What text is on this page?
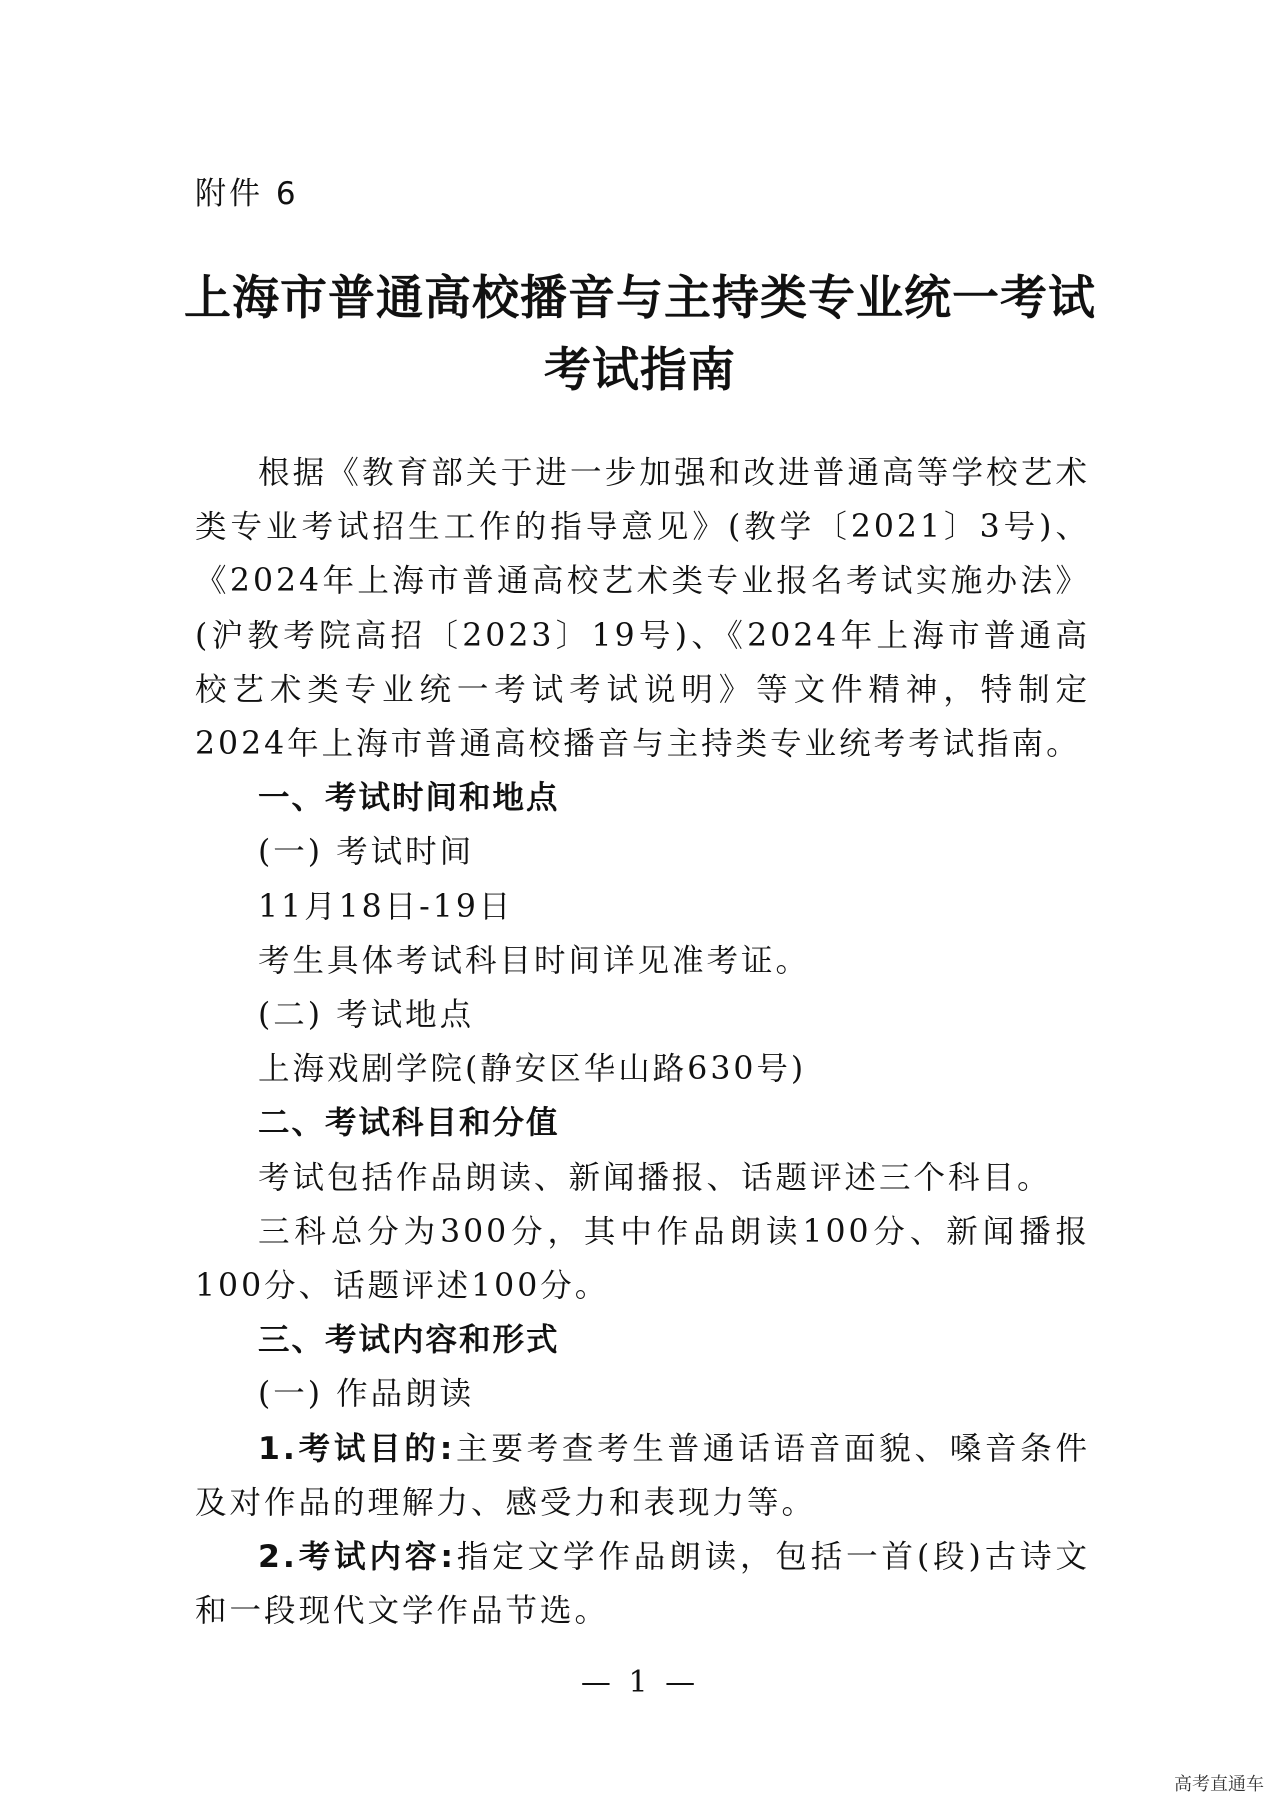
附件 6
上海市普通高校播音与主持类专业统一考试
考试指南

根据《教育部关于进一步加强和改进普通高等学校艺术类专业考试招生工作的指导意见》(教学〔2021〕3号)、《2024年上海市普通高校艺术类专业报名考试实施办法》(沪教考院高招〔2023〕19号)、《2024年上海市普通高校艺术类专业统一考试考试说明》等文件精神，特制定2024年上海市普通高校播音与主持类专业统考考试指南。

一、考试时间和地点

(一) 考试时间

11月18日-19日

考生具体考试科目时间详见准考证。

(二) 考试地点

上海戏剧学院(静安区华山路630号)

二、考试科目和分值

考试包括作品朗读、新闻播报、话题评述三个科目。

三科总分为300分，其中作品朗读100分、新闻播报100分、话题评述100分。

三、考试内容和形式

(一) 作品朗读

1.考试目的:主要考查考生普通话语音面貌、嗓音条件及对作品的理解力、感受力和表现力等。

2.考试内容:指定文学作品朗读，包括一首(段)古诗文和一段现代文学作品节选。

— 1 —
高考直通车
